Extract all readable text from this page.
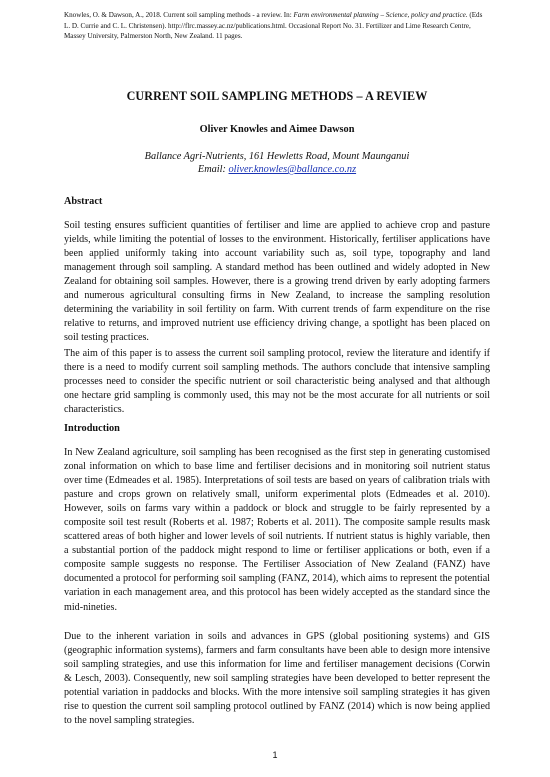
Knowles, O. & Dawson, A., 2018. Current soil sampling methods - a review. In: Farm environmental planning – Science, policy and practice. (Eds L. D. Currie and C. L. Christensen). http://flrc.massey.ac.nz/publications.html. Occasional Report No. 31. Fertilizer and Lime Research Centre, Massey University, Palmerston North, New Zealand. 11 pages.
CURRENT SOIL SAMPLING METHODS – A REVIEW
Oliver Knowles and Aimee Dawson
Ballance Agri-Nutrients, 161 Hewletts Road, Mount Maunganui
Email: oliver.knowles@ballance.co.nz
Abstract

Soil testing ensures sufficient quantities of fertiliser and lime are applied to achieve crop and pasture yields, while limiting the potential of losses to the environment. Historically, fertiliser applications have been applied uniformly taking into account variability such as, soil type, topography and land management through soil sampling. A standard method has been outlined and widely adopted in New Zealand for obtaining soil samples. However, there is a growing trend driven by early adopting farmers and numerous agricultural consulting firms in New Zealand, to increase the sampling resolution determining the variability in soil fertility on farm. With current trends of farm expenditure on the rise relative to returns, and improved nutrient use efficiency driving change, a spotlight has been placed on soil testing practices.

The aim of this paper is to assess the current soil sampling protocol, review the literature and identify if there is a need to modify current soil sampling methods. The authors conclude that intensive sampling processes need to consider the specific nutrient or soil characteristic being analysed and that although one hectare grid sampling is commonly used, this may not be the most accurate for all nutrients or soil characteristics.

Introduction

In New Zealand agriculture, soil sampling has been recognised as the first step in generating customised zonal information on which to base lime and fertiliser decisions and in monitoring soil nutrient status over time (Edmeades et al. 1985). Interpretations of soil tests are based on years of calibration trials with pasture and crops grown on relatively small, uniform experimental plots (Edmeades et al. 2010). However, soils on farms vary within a paddock or block and struggle to be fairly represented by a composite soil test result (Roberts et al. 1987; Roberts et al. 2011). The composite sample results mask scattered areas of both higher and lower levels of soil nutrients. If nutrient status is highly variable, then a substantial portion of the paddock might respond to lime or fertiliser applications or both, even if a composite sample suggests no response. The Fertiliser Association of New Zealand (FANZ) have documented a protocol for performing soil sampling (FANZ, 2014), which aims to represent the potential variation in each management area, and this protocol has been widely accepted as the standard since the mid-nineties.

Due to the inherent variation in soils and advances in GPS (global positioning systems) and GIS (geographic information systems), farmers and farm consultants have been able to design more intensive soil sampling strategies, and use this information for lime and fertiliser management decisions (Corwin & Lesch, 2003). Consequently, new soil sampling strategies have been developed to better represent the potential variation in paddocks and blocks. With the more intensive soil sampling strategies it has given rise to question the current soil sampling protocol outlined by FANZ (2014) which is now being applied to the novel sampling strategies.

1
